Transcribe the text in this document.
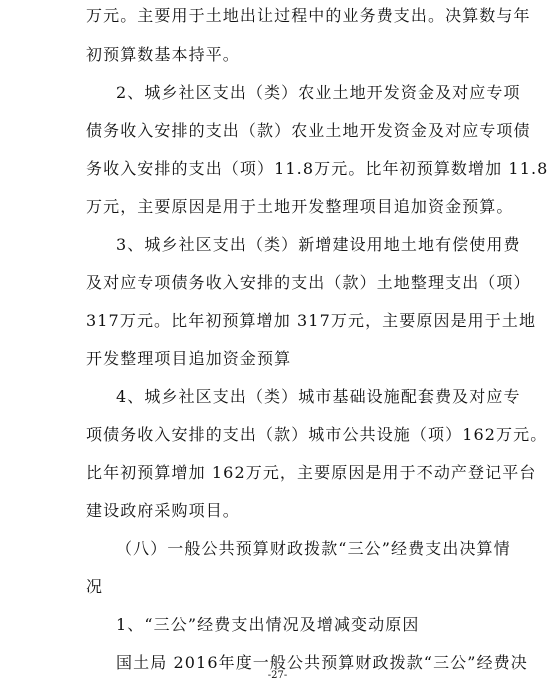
万元。主要用于土地出让过程中的业务费支出。决算数与年
初预算数基本持平。
2、城乡社区支出（类）农业土地开发资金及对应专项
债务收入安排的支出（款）农业土地开发资金及对应专项债
务收入安排的支出（项）11.8万元。比年初预算数增加 11.8
万元，主要原因是用于土地开发整理项目追加资金预算。
3、城乡社区支出（类）新增建设用地土地有偿使用费
及对应专项债务收入安排的支出（款）土地整理支出（项）
317万元。比年初预算增加 317万元，主要原因是用于土地
开发整理项目追加资金预算
4、城乡社区支出（类）城市基础设施配套费及对应专
项债务收入安排的支出（款）城市公共设施（项）162万元。
比年初预算增加 162万元，主要原因是用于不动产登记平台
建设政府采购项目。
（八）一般公共预算财政拨款“三公”经费支出决算情
况
1、“三公”经费支出情况及增减变动原因
国土局 2016年度一般公共预算财政拨款“三公”经费决
-27-
